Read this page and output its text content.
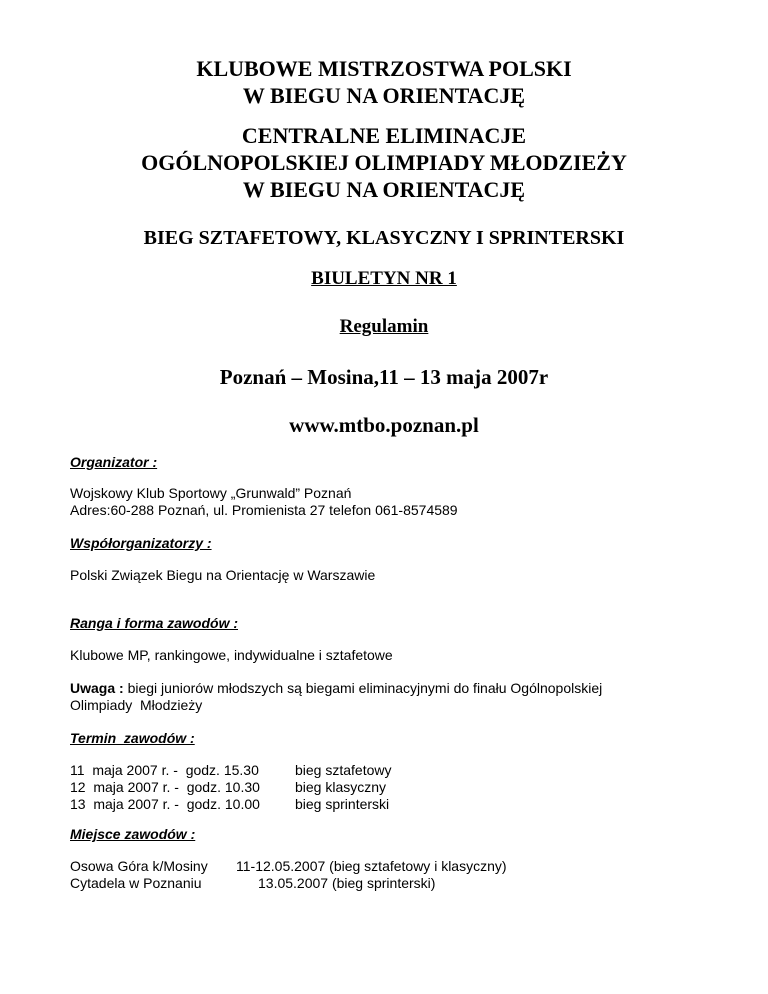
KLUBOWE MISTRZOSTWA POLSKI
W BIEGU NA ORIENTACJĘ
CENTRALNE ELIMINACJE
OGÓLNOPOLSKIEJ OLIMPIADY MŁODZIEŻY
W BIEGU NA ORIENTACJĘ
BIEG SZTAFETOWY, KLASYCZNY I SPRINTERSKI
BIULETYN NR 1
Regulamin
Poznań – Mosina,11 – 13 maja 2007r
www.mtbo.poznan.pl
Organizator :
Wojskowy Klub Sportowy „Grunwald” Poznań
Adres:60-288 Poznań, ul. Promienista 27 telefon 061-8574589
Współorganizatorzy :
Polski Związek Biegu na Orientację w Warszawie
Ranga i forma zawodów :
Klubowe MP, rankingowe, indywidualne i sztafetowe
Uwaga : biegi juniorów młodszych są biegami eliminacyjnymi do finału Ogólnopolskiej
Olimpiady  Młodzieży
Termin  zawodów :
11  maja 2007 r. -  godz. 15.30	bieg sztafetowy
12  maja 2007 r. -  godz. 10.30	bieg klasyczny
13  maja 2007 r. -  godz. 10.00	bieg sprinterski
Miejsce zawodów :
Osowa Góra k/Mosiny 11-12.05.2007 (bieg sztafetowy i klasyczny)
Cytadela w Poznaniu	13.05.2007 (bieg sprinterski)
